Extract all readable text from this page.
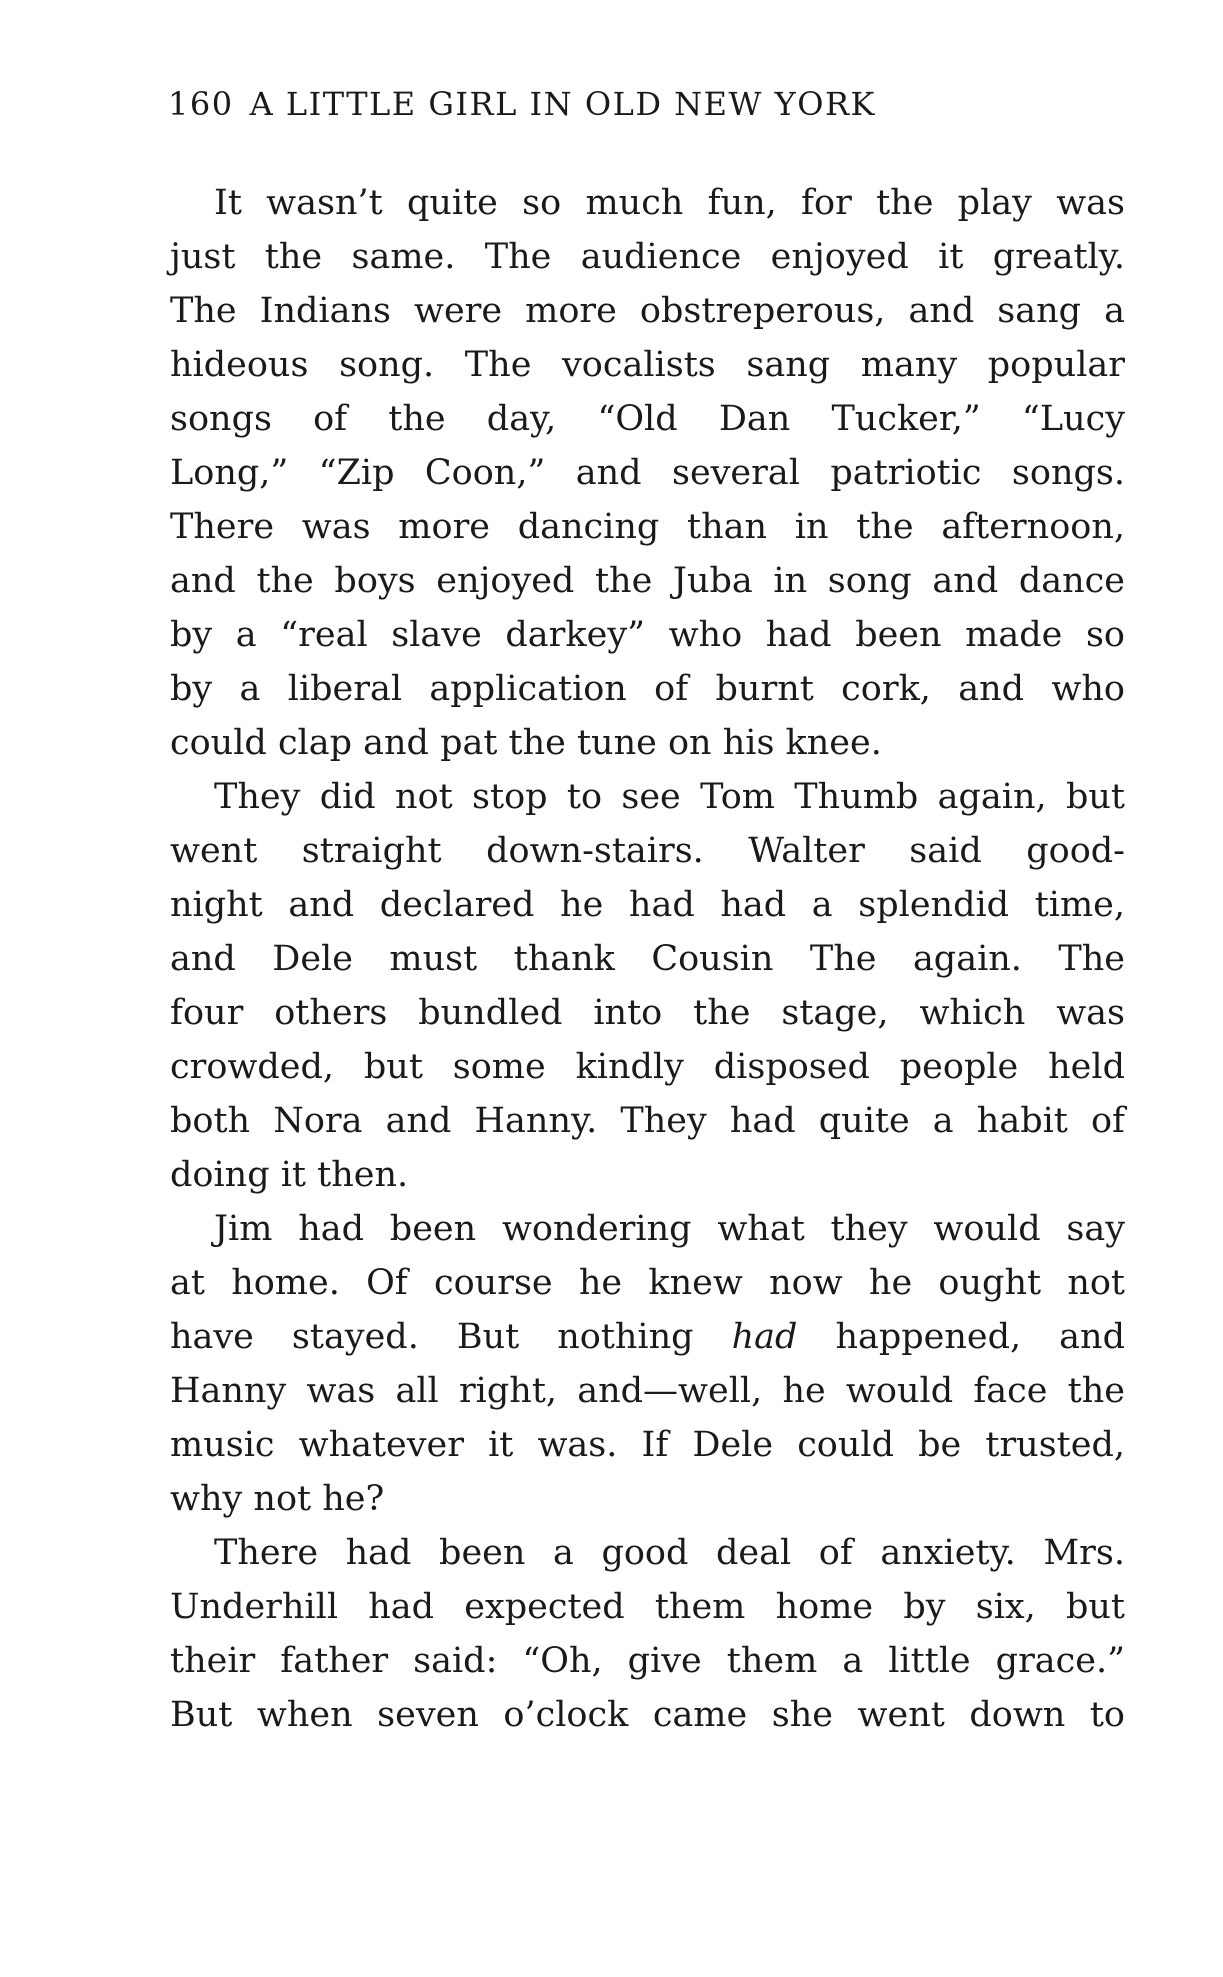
160 A LITTLE GIRL IN OLD NEW YORK
It wasn’t quite so much fun, for the play was
just the same. The audience enjoyed it greatly.
The Indians were more obstreperous, and sang a
hideous song. The vocalists sang many popular
songs of the day, “Old Dan Tucker,” “Lucy
Long,” “Zip Coon,” and several patriotic songs.
There was more dancing than in the afternoon,
and the boys enjoyed the Juba in song and dance
by a “real slave darkey” who had been made so
by a liberal application of burnt cork, and who
could clap and pat the tune on his knee.
They did not stop to see Tom Thumb again, but
went straight down-stairs. Walter said good-
night and declared he had had a splendid time,
and Dele must thank Cousin The again. The
four others bundled into the stage, which was
crowded, but some kindly disposed people held
both Nora and Hanny. They had quite a habit of
doing it then.
Jim had been wondering what they would say
at home. Of course he knew now he ought not
have stayed. But nothing had happened, and
Hanny was all right, and—well, he would face the
music whatever it was. If Dele could be trusted,
why not he?
There had been a good deal of anxiety. Mrs.
Underhill had expected them home by six, but
their father said: “Oh, give them a little grace.”
But when seven o’clock came she went down to
